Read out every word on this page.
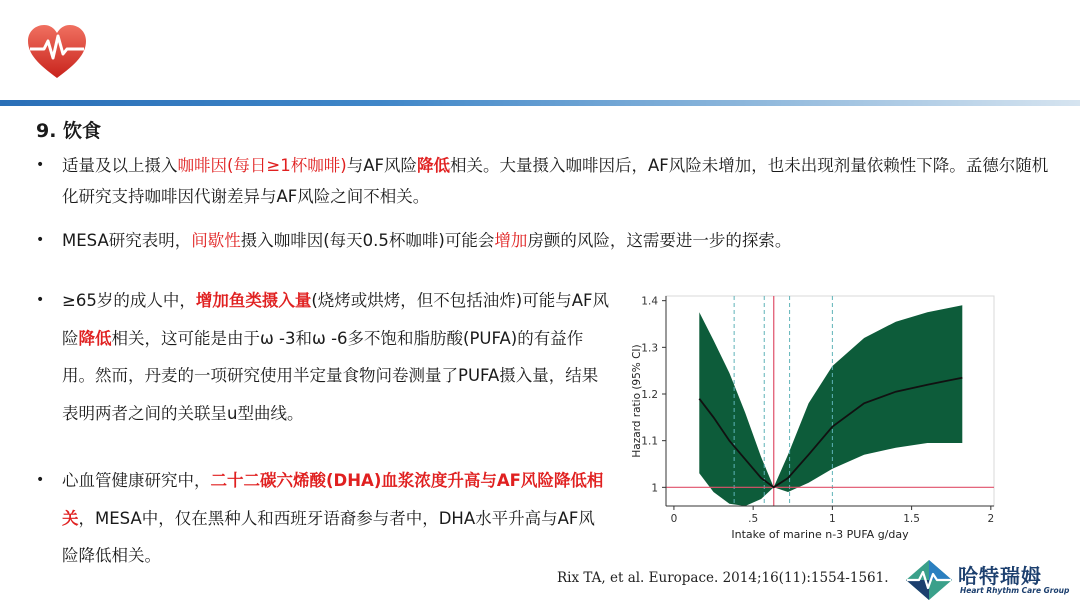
9. 饮食
• 适量及以上摄入咖啡因(每日≥1杯咖啡)与AF风险降低相关。大量摄入咖啡因后，AF风险未增加，也未出现剂量依赖性下降。孟德尔随机化研究支持咖啡因代谢差异与AF风险之间不相关。
• MESA研究表明，间歇性摄入咖啡因(每天0.5杯咖啡)可能会增加房颤的风险，这需要进一步的探索。
• ≥65岁的成人中，增加鱼类摄入量(烧烤或烘烤，但不包括油炸)可能与AF风险降低相关，这可能是由于ω -3和ω -6多不饱和脂肪酸(PUFA)的有益作用。然而，丹麦的一项研究使用半定量食物问卷测量了PUFA摄入量，结果表明两者之间的关联呈u型曲线。
• 心血管健康研究中，二十二碳六烯酸(DHA)血浆浓度升高与AF风险降低相关，MESA中，仅在黑种人和西班牙语裔参与者中，DHA水平升高与AF风险降低相关。
1
1.1
1.2
1.3
1.4
0	.5	1	1.5	2
Intake of marine n-3 PUFA g/day
Hazard ratio (95% CI)
Rix TA, et al. Europace. 2014;16(11):1554-1561.	哈特瑞姆
Heart Rhythm Care Group
